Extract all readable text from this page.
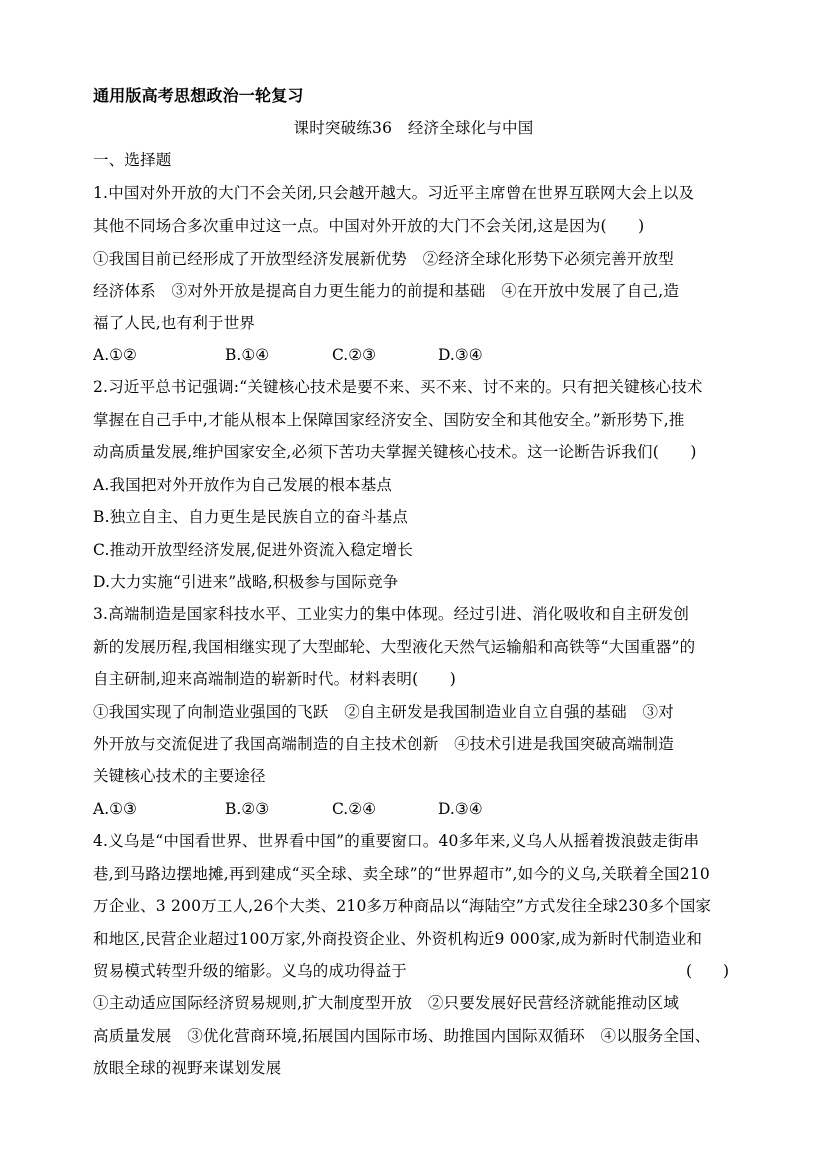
通用版高考思想政治一轮复习
课时突破练36　经济全球化与中国
一、选择题
1.中国对外开放的大门不会关闭,只会越开越大。习近平主席曾在世界互联网大会上以及
其他不同场合多次重申过这一点。中国对外开放的大门不会关闭,这是因为(　　)
①我国目前已经形成了开放型经济发展新优势　②经济全球化形势下必须完善开放型
经济体系　③对外开放是提高自力更生能力的前提和基础　④在开放中发展了自己,造
福了人民,也有利于世界
A.①②	B.①④	C.②③	D.③④
2.习近平总书记强调:“关键核心技术是要不来、买不来、讨不来的。只有把关键核心技术
掌握在自己手中,才能从根本上保障国家经济安全、国防安全和其他安全。”新形势下,推
动高质量发展,维护国家安全,必须下苦功夫掌握关键核心技术。这一论断告诉我们(　　)
A.我国把对外开放作为自己发展的根本基点
B.独立自主、自力更生是民族自立的奋斗基点
C.推动开放型经济发展,促进外资流入稳定增长
D.大力实施“引进来”战略,积极参与国际竞争
3.高端制造是国家科技水平、工业实力的集中体现。经过引进、消化吸收和自主研发创
新的发展历程,我国相继实现了大型邮轮、大型液化天然气运输船和高铁等“大国重器”的
自主研制,迎来高端制造的崭新时代。材料表明(　　)
①我国实现了向制造业强国的飞跃　②自主研发是我国制造业自立自强的基础　③对
外开放与交流促进了我国高端制造的自主技术创新　④技术引进是我国突破高端制造
关键核心技术的主要途径
A.①③	B.②③	C.②④	D.③④
4.义乌是“中国看世界、世界看中国”的重要窗口。40多年来,义乌人从摇着拨浪鼓走街串
巷,到马路边摆地摊,再到建成“买全球、卖全球”的“世界超市”,如今的义乌,关联着全国210
万企业、3 200万工人,26个大类、210多万种商品以“海陆空”方式发往全球230多个国家
和地区,民营企业超过100万家,外商投资企业、外资机构近9 000家,成为新时代制造业和
贸易模式转型升级的缩影。义乌的成功得益于	(　　)
①主动适应国际经济贸易规则,扩大制度型开放　②只要发展好民营经济就能推动区域
高质量发展　③优化营商环境,拓展国内国际市场、助推国内国际双循环　④以服务全国、
放眼全球的视野来谋划发展
